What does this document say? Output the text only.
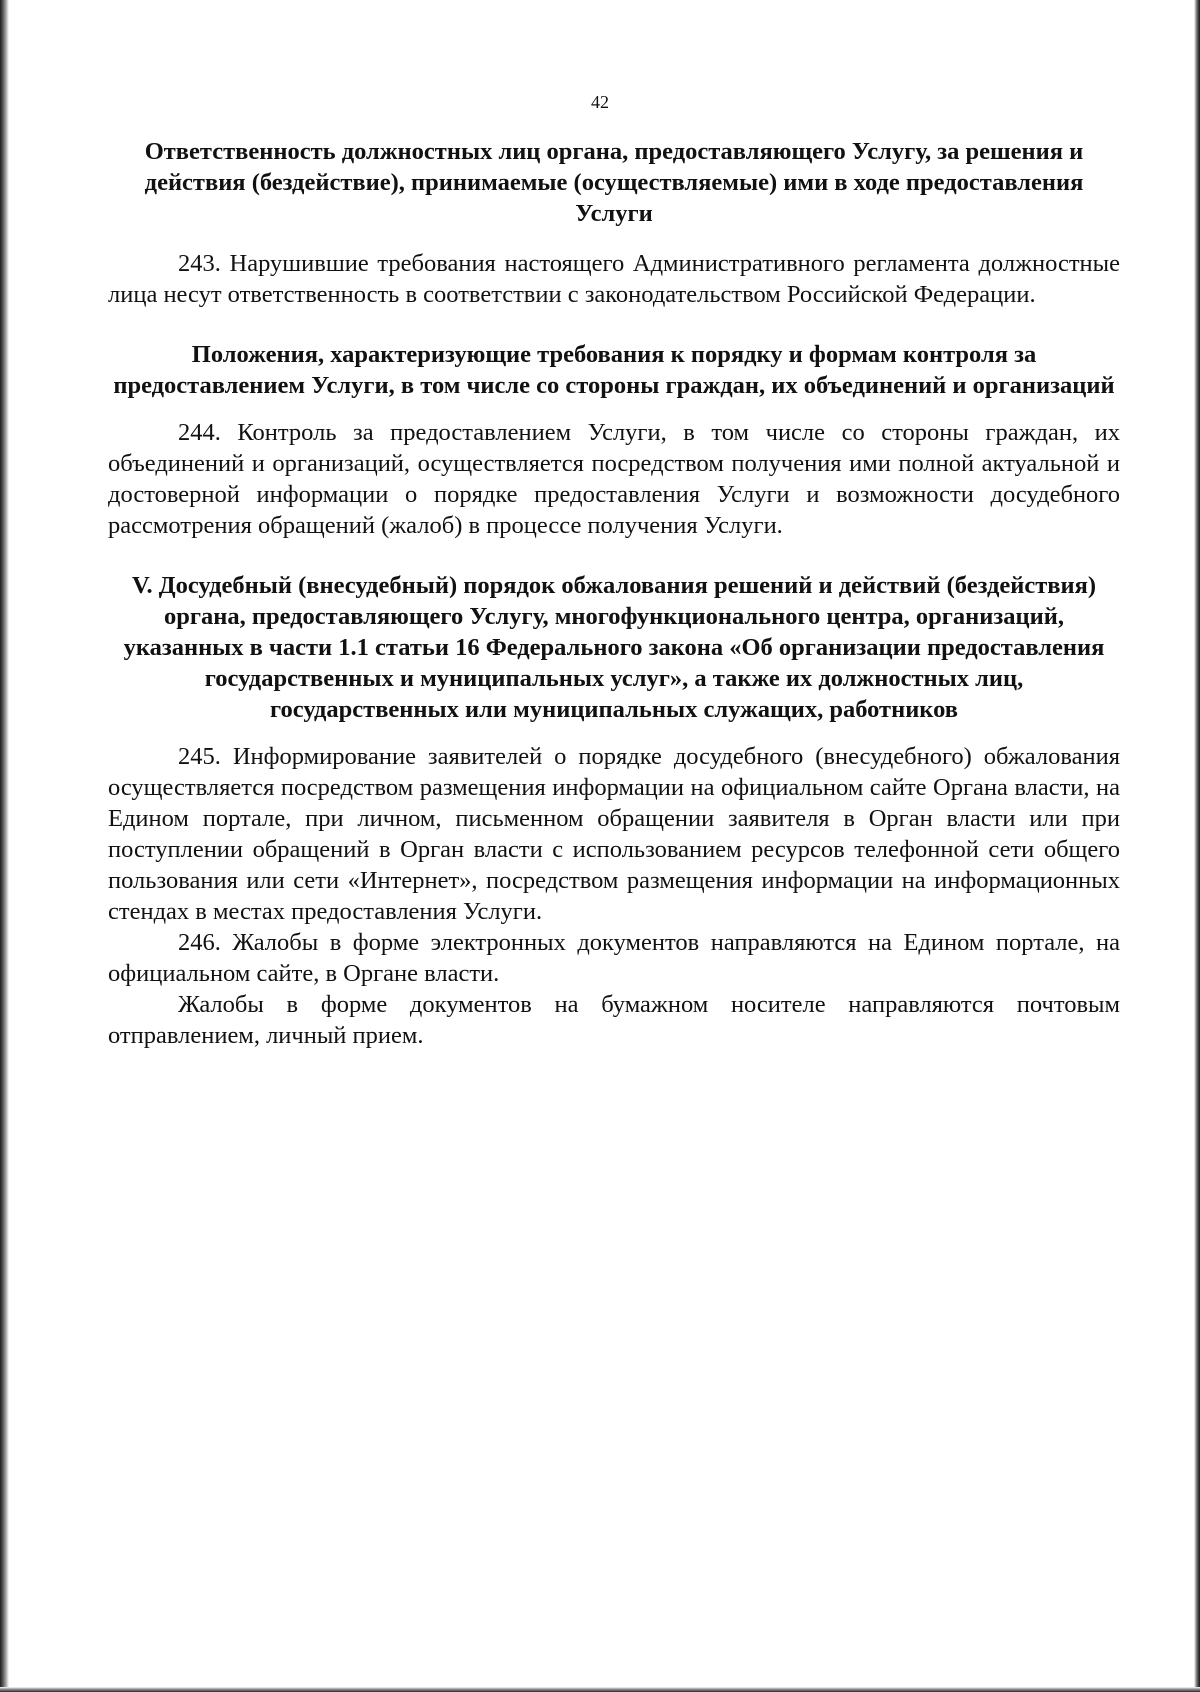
42

Ответственность должностных лиц органа, предоставляющего Услугу, за решения и действия (бездействие), принимаемые (осуществляемые) ими в ходе предоставления Услуги

243. Нарушившие требования настоящего Административного регламента должностные лица несут ответственность в соответствии с законодательством Российской Федерации.

Положения, характеризующие требования к порядку и формам контроля за предоставлением Услуги, в том числе со стороны граждан, их объединений и организаций

244. Контроль за предоставлением Услуги, в том числе со стороны граждан, их объединений и организаций, осуществляется посредством получения ими полной актуальной и достоверной информации о порядке предоставления Услуги и возможности досудебного рассмотрения обращений (жалоб) в процессе получения Услуги.

V. Досудебный (внесудебный) порядок обжалования решений и действий (бездействия) органа, предоставляющего Услугу, многофункционального центра, организаций, указанных в части 1.1 статьи 16 Федерального закона «Об организации предоставления государственных и муниципальных услуг», а также их должностных лиц, государственных или муниципальных служащих, работников

245. Информирование заявителей о порядке досудебного (внесудебного) обжалования осуществляется посредством размещения информации на официальном сайте Органа власти, на Едином портале, при личном, письменном обращении заявителя в Орган власти или при поступлении обращений в Орган власти с использованием ресурсов телефонной сети общего пользования или сети «Интернет», посредством размещения информации на информационных стендах в местах предоставления Услуги.

246. Жалобы в форме электронных документов направляются на Едином портале, на официальном сайте, в Органе власти.

Жалобы в форме документов на бумажном носителе направляются почтовым отправлением, личный прием.
